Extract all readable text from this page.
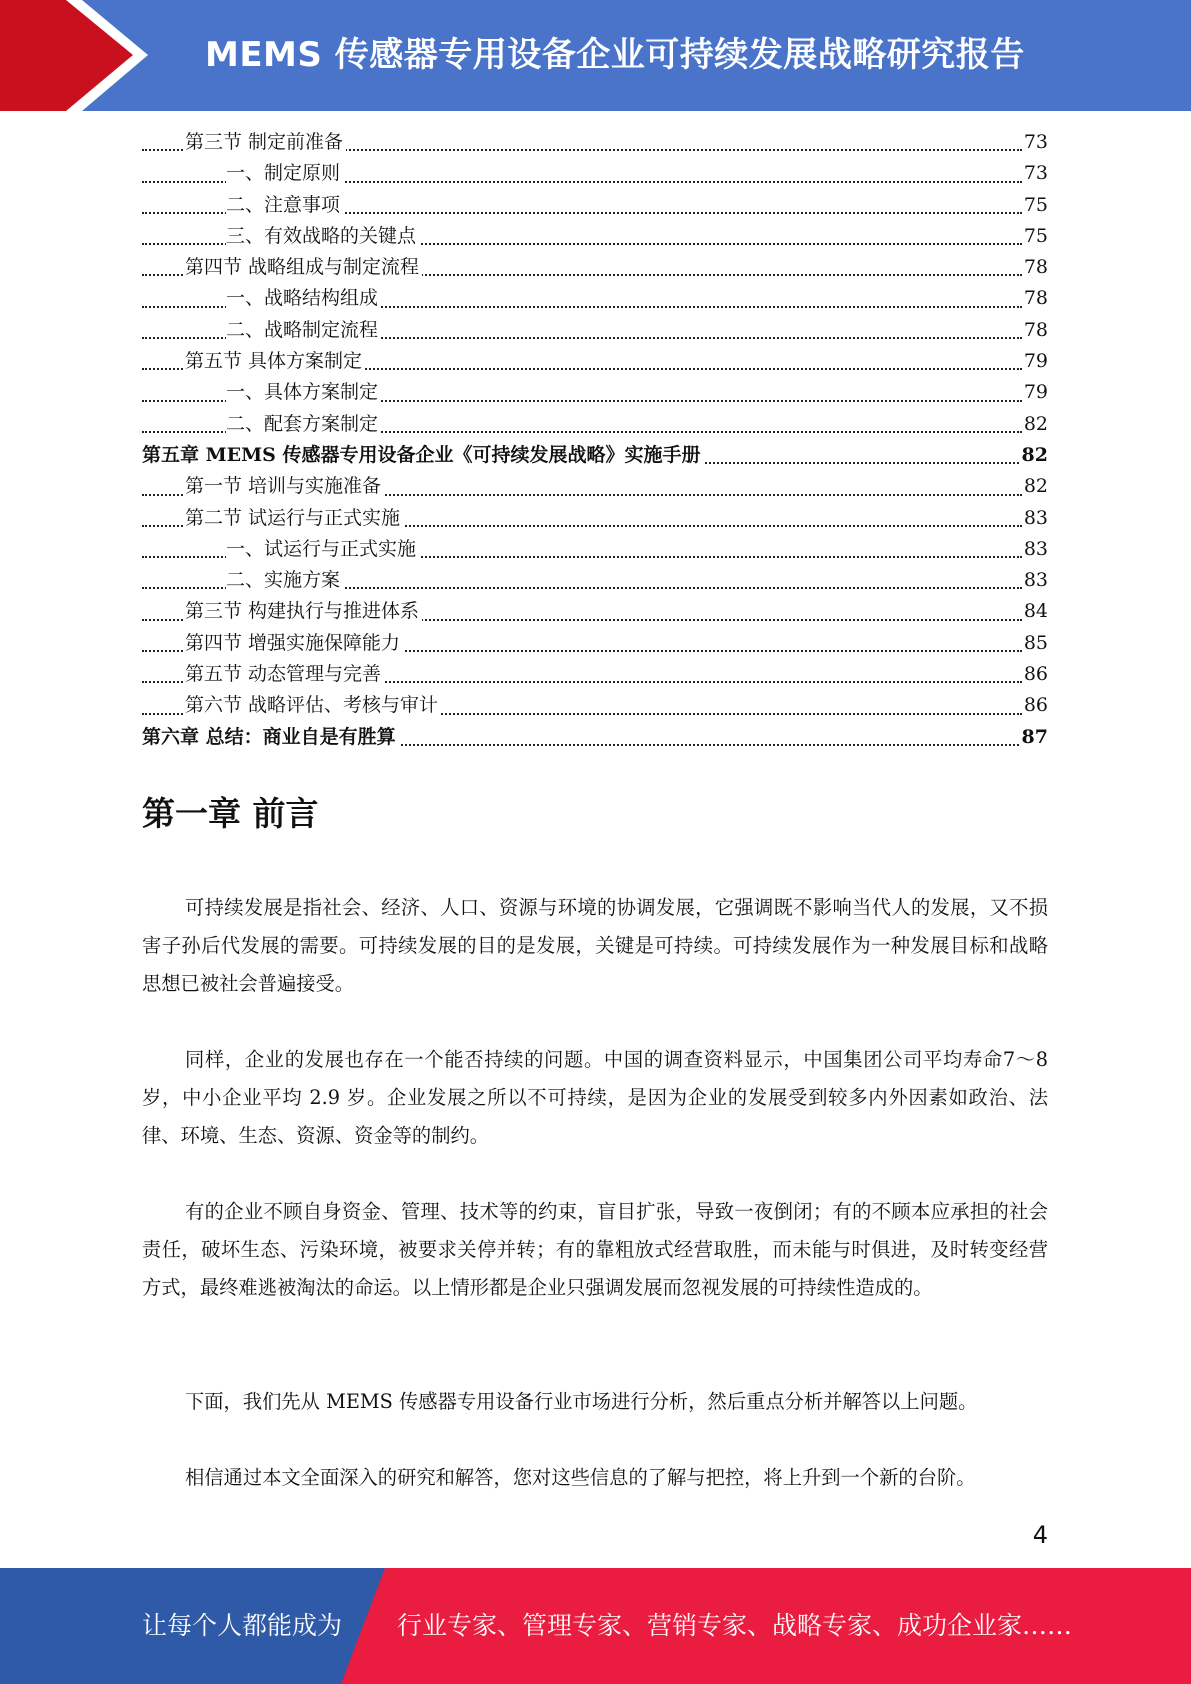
MEMS 传感器专用设备企业可持续发展战略研究报告
第三节 制定前准备	73
一、制定原则	73
二、注意事项	75
三、有效战略的关键点	75
第四节 战略组成与制定流程	78
一、战略结构组成	78
二、战略制定流程	78
第五节 具体方案制定	79
一、具体方案制定	79
二、配套方案制定	82
第五章 MEMS 传感器专用设备企业《可持续发展战略》实施手册	82
第一节 培训与实施准备	82
第二节 试运行与正式实施	83
一、试运行与正式实施	83
二、实施方案	83
第三节 构建执行与推进体系	84
第四节 增强实施保障能力	85
第五节 动态管理与完善	86
第六节 战略评估、考核与审计	86
第六章 总结：商业自是有胜算	87
第一章 前言

可持续发展是指社会、经济、人口、资源与环境的协调发展，它强调既不影响当代人的发展，又不损害子孙后代发展的需要。可持续发展的目的是发展，关键是可持续。可持续发展作为一种发展目标和战略思想已被社会普遍接受。

同样，企业的发展也存在一个能否持续的问题。中国的调查资料显示，中国集团公司平均寿命7～8 岁，中小企业平均 2.9 岁。企业发展之所以不可持续，是因为企业的发展受到较多内外因素如政治、法律、环境、生态、资源、资金等的制约。

有的企业不顾自身资金、管理、技术等的约束，盲目扩张，导致一夜倒闭；有的不顾本应承担的社会责任，破坏生态、污染环境，被要求关停并转；有的靠粗放式经营取胜，而未能与时俱进，及时转变经营方式，最终难逃被淘汰的命运。以上情形都是企业只强调发展而忽视发展的可持续性造成的。

下面，我们先从 MEMS 传感器专用设备行业市场进行分析，然后重点分析并解答以上问题。

相信通过本文全面深入的研究和解答，您对这些信息的了解与把控，将上升到一个新的台阶。

4
让每个人都能成为 行业专家、管理专家、营销专家、战略专家、成功企业家……
